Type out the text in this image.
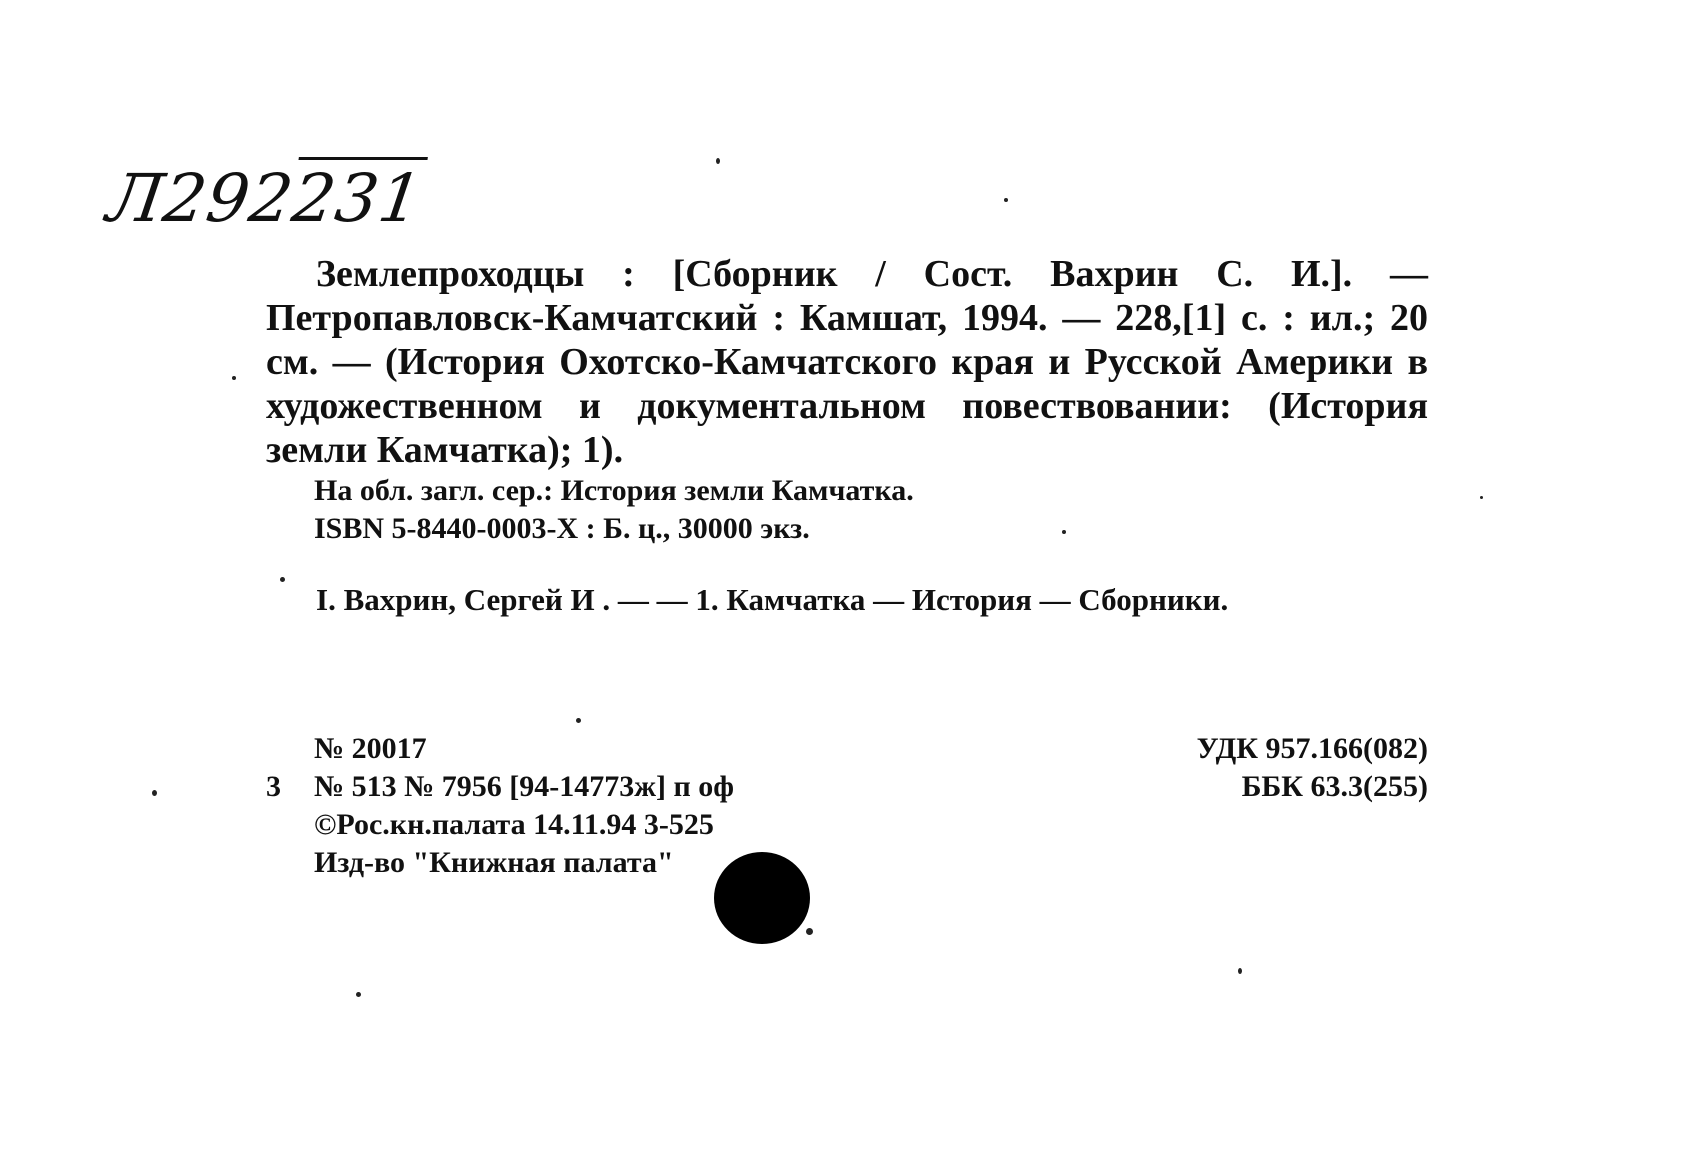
Л292231
Землепроходцы : [Сборник / Сост. Вахрин С. И.]. — Петропавловск-Камчатский : Камшат, 1994. — 228,[1] с. : ил.; 20 см. — (История Охотско-Камчатского края и Русской Америки в художественном и документальном повествовании: (История земли Камчатка); 1).
На обл. загл. сер.: История земли Камчатка.
ISBN 5-8440-0003-X : Б. ц., 30000 экз.
I. Вахрин, Сергей И . — — 1. Камчатка — История — Сборники.
№ 20017
3 № 513 № 7956 [94-14773ж] п оф
©Рос.кн.палата 14.11.94 3-525
Изд-во "Книжная палата"
УДК 957.166(082)
ББК 63.3(255)
